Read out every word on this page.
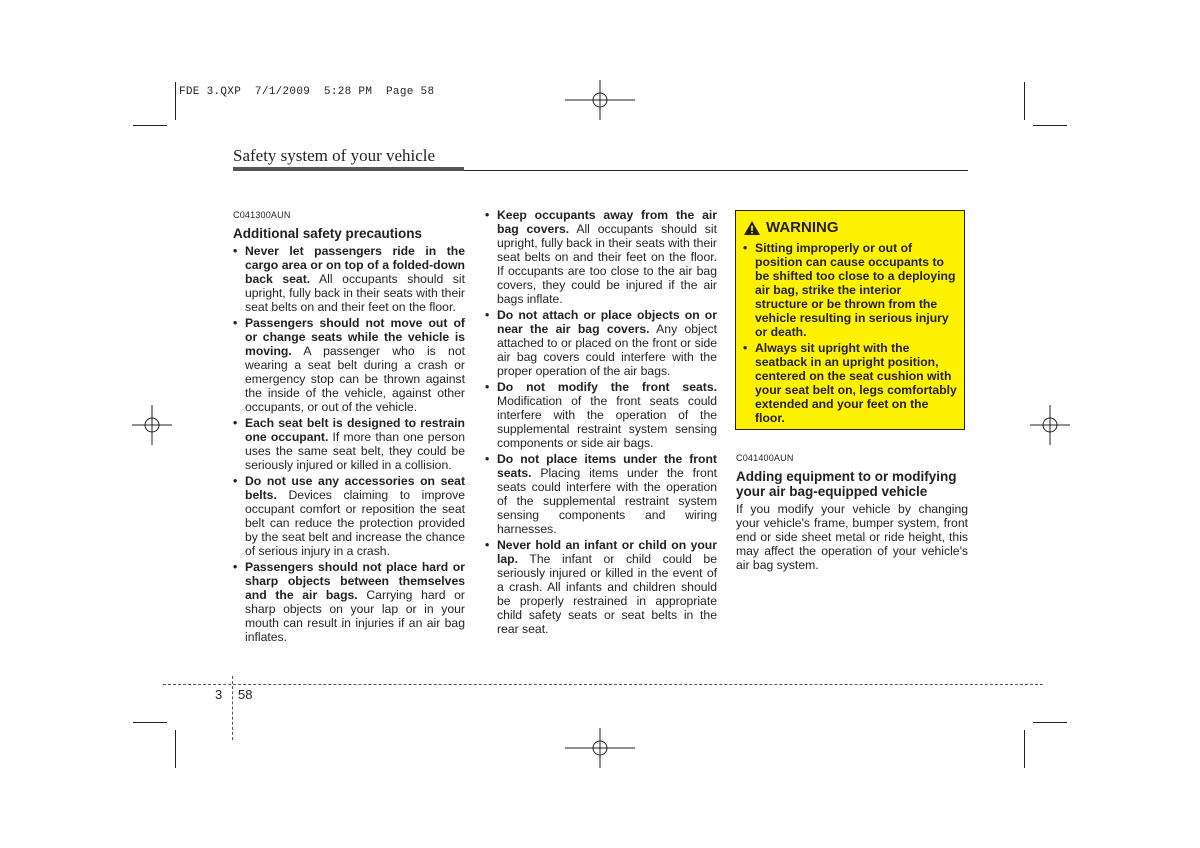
FDE 3.QXP  7/1/2009  5:28 PM  Page 58
Safety system of your vehicle
C041300AUN
Additional safety precautions
• Never let passengers ride in the cargo area or on top of a folded-down back seat. All occupants should sit upright, fully back in their seats with their seat belts on and their feet on the floor.
• Passengers should not move out of or change seats while the vehicle is moving. A passenger who is not wearing a seat belt during a crash or emergency stop can be thrown against the inside of the vehicle, against other occupants, or out of the vehicle.
• Each seat belt is designed to restrain one occupant. If more than one person uses the same seat belt, they could be seriously injured or killed in a collision.
• Do not use any accessories on seat belts. Devices claiming to improve occupant comfort or reposition the seat belt can reduce the protection provided by the seat belt and increase the chance of serious injury in a crash.
• Passengers should not place hard or sharp objects between themselves and the air bags. Carrying hard or sharp objects on your lap or in your mouth can result in injuries if an air bag inflates.
• Keep occupants away from the air bag covers. All occupants should sit upright, fully back in their seats with their seat belts on and their feet on the floor. If occupants are too close to the air bag covers, they could be injured if the air bags inflate.
• Do not attach or place objects on or near the air bag covers. Any object attached to or placed on the front or side air bag covers could interfere with the proper operation of the air bags.
• Do not modify the front seats. Modification of the front seats could interfere with the operation of the supplemental restraint system sensing components or side air bags.
• Do not place items under the front seats. Placing items under the front seats could interfere with the operation of the supplemental restraint system sensing components and wiring harnesses.
• Never hold an infant or child on your lap. The infant or child could be seriously injured or killed in the event of a crash. All infants and children should be properly restrained in appropriate child safety seats or seat belts in the rear seat.
WARNING
• Sitting improperly or out of position can cause occupants to be shifted too close to a deploying air bag, strike the interior structure or be thrown from the vehicle resulting in serious injury or death.
• Always sit upright with the seatback in an upright position, centered on the seat cushion with your seat belt on, legs comfortably extended and your feet on the floor.
C041400AUN
Adding equipment to or modifying your air bag-equipped vehicle
If you modify your vehicle by changing your vehicle's frame, bumper system, front end or side sheet metal or ride height, this may affect the operation of your vehicle's air bag system.
3 58
